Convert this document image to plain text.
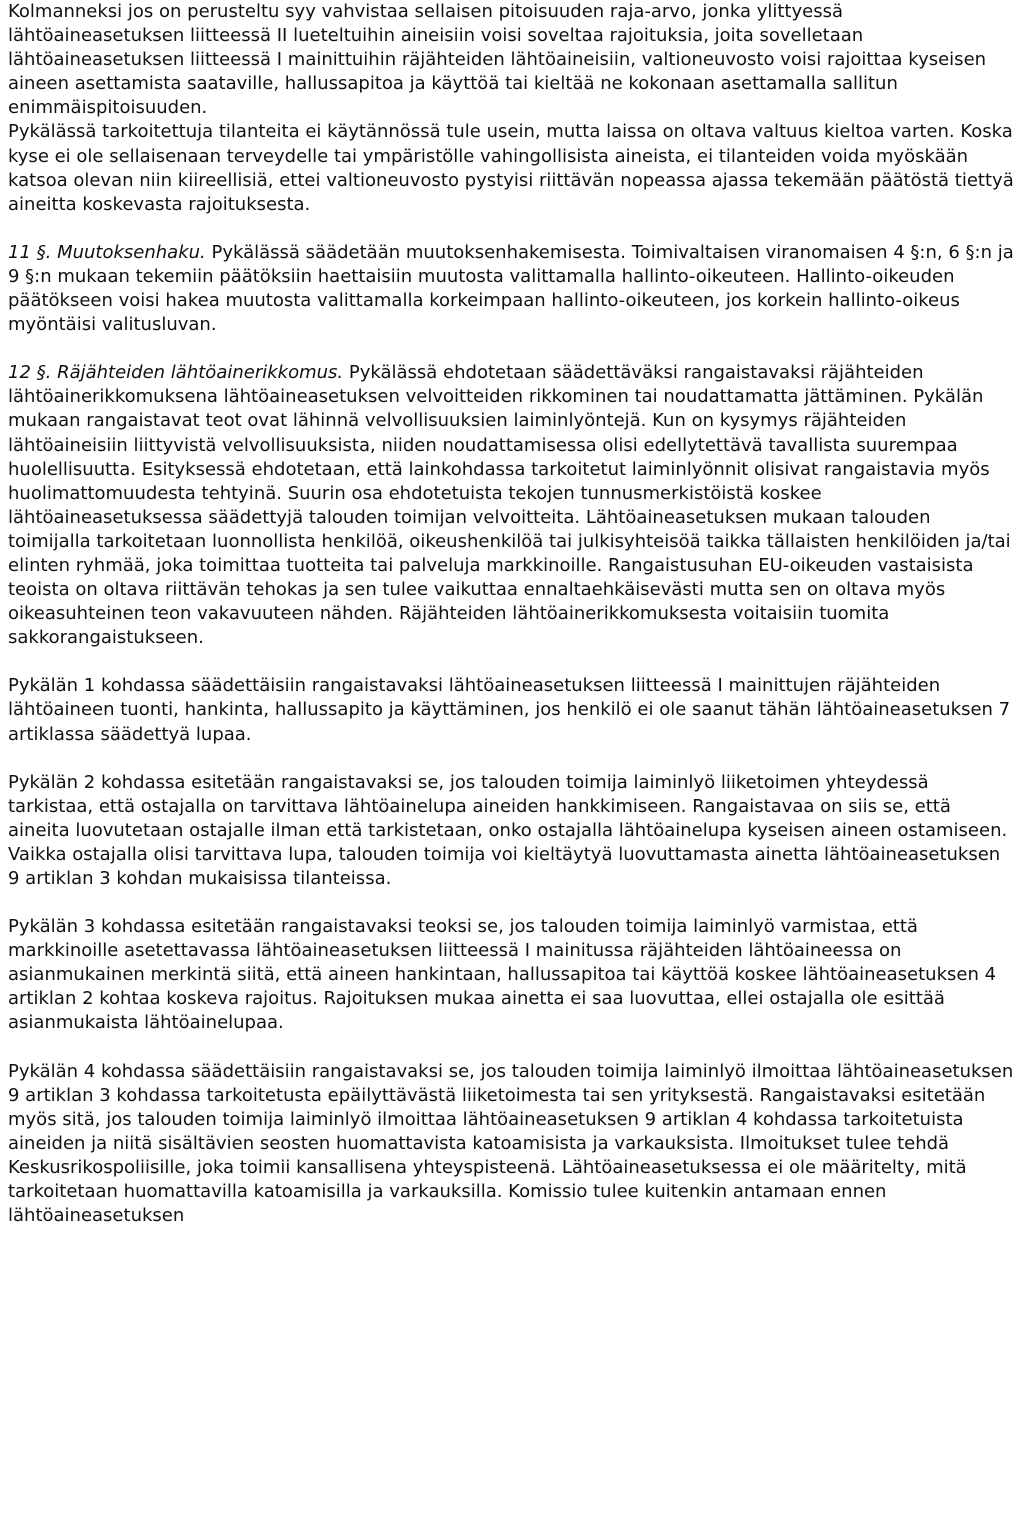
Kolmanneksi jos on perusteltu syy vahvistaa sellaisen pitoisuuden raja-arvo, jonka ylittyessä lähtöaineasetuksen liitteessä II lueteltuihin aineisiin voisi soveltaa rajoituksia, joita sovelletaan lähtöaineasetuksen liitteessä I mainittuihin räjähteiden lähtöaineisiin, valtioneuvosto voisi rajoittaa kyseisen aineen asettamista saataville, hallussapitoa ja käyttöä tai kieltää ne kokonaan asettamalla sallitun enimmäispitoisuuden.

Pykälässä tarkoitettuja tilanteita ei käytännössä tule usein, mutta laissa on oltava valtuus kieltoa varten. Koska kyse ei ole sellaisenaan terveydelle tai ympäristölle vahingollisista aineista, ei tilanteiden voida myöskään katsoa olevan niin kiireellisiä, ettei valtioneuvosto pystyisi riittävän nopeassa ajassa tekemään päätöstä tiettyä aineitta koskevasta rajoituksesta.

11 §. Muutoksenhaku. Pykälässä säädetään muutoksenhakemisesta. Toimivaltaisen viranomaisen 4 §:n, 6 §:n ja 9 §:n mukaan tekemiin päätöksiin haettaisiin muutosta valittamalla hallinto-oikeuteen. Hallinto-oikeuden päätökseen voisi hakea muutosta valittamalla korkeimpaan hallinto-oikeuteen, jos korkein hallinto-oikeus myöntäisi valitusluvan.

12 §. Räjähteiden lähtöainerikkomus. Pykälässä ehdotetaan säädettäväksi rangaistavaksi räjähteiden lähtöainerikkomuksena lähtöaineasetuksen velvoitteiden rikkominen tai noudattamatta jättäminen. Pykälän mukaan rangaistavat teot ovat lähinnä velvollisuuksien laiminlyöntejä. Kun on kysymys räjähteiden lähtöaineisiin liittyvistä velvollisuuksista, niiden noudattamisessa olisi edellytettävä tavallista suurempaa huolellisuutta. Esityksessä ehdotetaan, että lainkohdassa tarkoitetut laiminlyönnit olisivat rangaistavia myös huolimattomuudesta tehtyinä. Suurin osa ehdotetuista tekojen tunnusmerkistöistä koskee lähtöaineasetuksessa säädettyjä talouden toimijan velvoitteita. Lähtöaineasetuksen mukaan talouden toimijalla tarkoitetaan luonnollista henkilöä, oikeushenkilöä tai julkisyhteisöä taikka tällaisten henkilöiden ja/tai elinten ryhmää, joka toimittaa tuotteita tai palveluja markkinoille. Rangaistusuhan EU-oikeuden vastaisista teoista on oltava riittävän tehokas ja sen tulee vaikuttaa ennaltaehkäisevästi mutta sen on oltava myös oikeasuhteinen teon vakavuuteen nähden. Räjähteiden lähtöainerikkomuksesta voitaisiin tuomita sakkorangaistukseen.

Pykälän 1 kohdassa säädettäisiin rangaistavaksi lähtöaineasetuksen liitteessä I mainittujen räjähteiden lähtöaineen tuonti, hankinta, hallussapito ja käyttäminen, jos henkilö ei ole saanut tähän lähtöaineasetuksen 7 artiklassa säädettyä lupaa.

Pykälän 2 kohdassa esitetään rangaistavaksi se, jos talouden toimija laiminlyö liiketoimen yhteydessä tarkistaa, että ostajalla on tarvittava lähtöainelupa aineiden hankkimiseen. Rangaistavaa on siis se, että aineita luovutetaan ostajalle ilman että tarkistetaan, onko ostajalla lähtöainelupa kyseisen aineen ostamiseen. Vaikka ostajalla olisi tarvittava lupa, talouden toimija voi kieltäytyä luovuttamasta ainetta lähtöaineasetuksen 9 artiklan 3 kohdan mukaisissa tilanteissa.

Pykälän 3 kohdassa esitetään rangaistavaksi teoksi se, jos talouden toimija laiminlyö varmistaa, että markkinoille asetettavassa lähtöaineasetuksen liitteessä I mainitussa räjähteiden lähtöaineessa on asianmukainen merkintä siitä, että aineen hankintaan, hallussapitoa tai käyttöä koskee lähtöaineasetuksen 4 artiklan 2 kohtaa koskeva rajoitus. Rajoituksen mukaa ainetta ei saa luovuttaa, ellei ostajalla ole esittää asianmukaista lähtöainelupaa.

Pykälän 4 kohdassa säädettäisiin rangaistavaksi se, jos talouden toimija laiminlyö ilmoittaa lähtöaineasetuksen 9 artiklan 3 kohdassa tarkoitetusta epäilyttävästä liiketoimesta tai sen yrityksestä. Rangaistavaksi esitetään myös sitä, jos talouden toimija laiminlyö ilmoittaa lähtöaineasetuksen 9 artiklan 4 kohdassa tarkoitetuista aineiden ja niitä sisältävien seosten huomattavista katoamisista ja varkauksista. Ilmoitukset tulee tehdä Keskusrikospoliisille, joka toimii kansallisena yhteyspisteenä. Lähtöaineasetuksessa ei ole määritelty, mitä tarkoitetaan huomattavilla katoamisilla ja varkauksilla. Komissio tulee kuitenkin antamaan ennen lähtöaineasetuksen
